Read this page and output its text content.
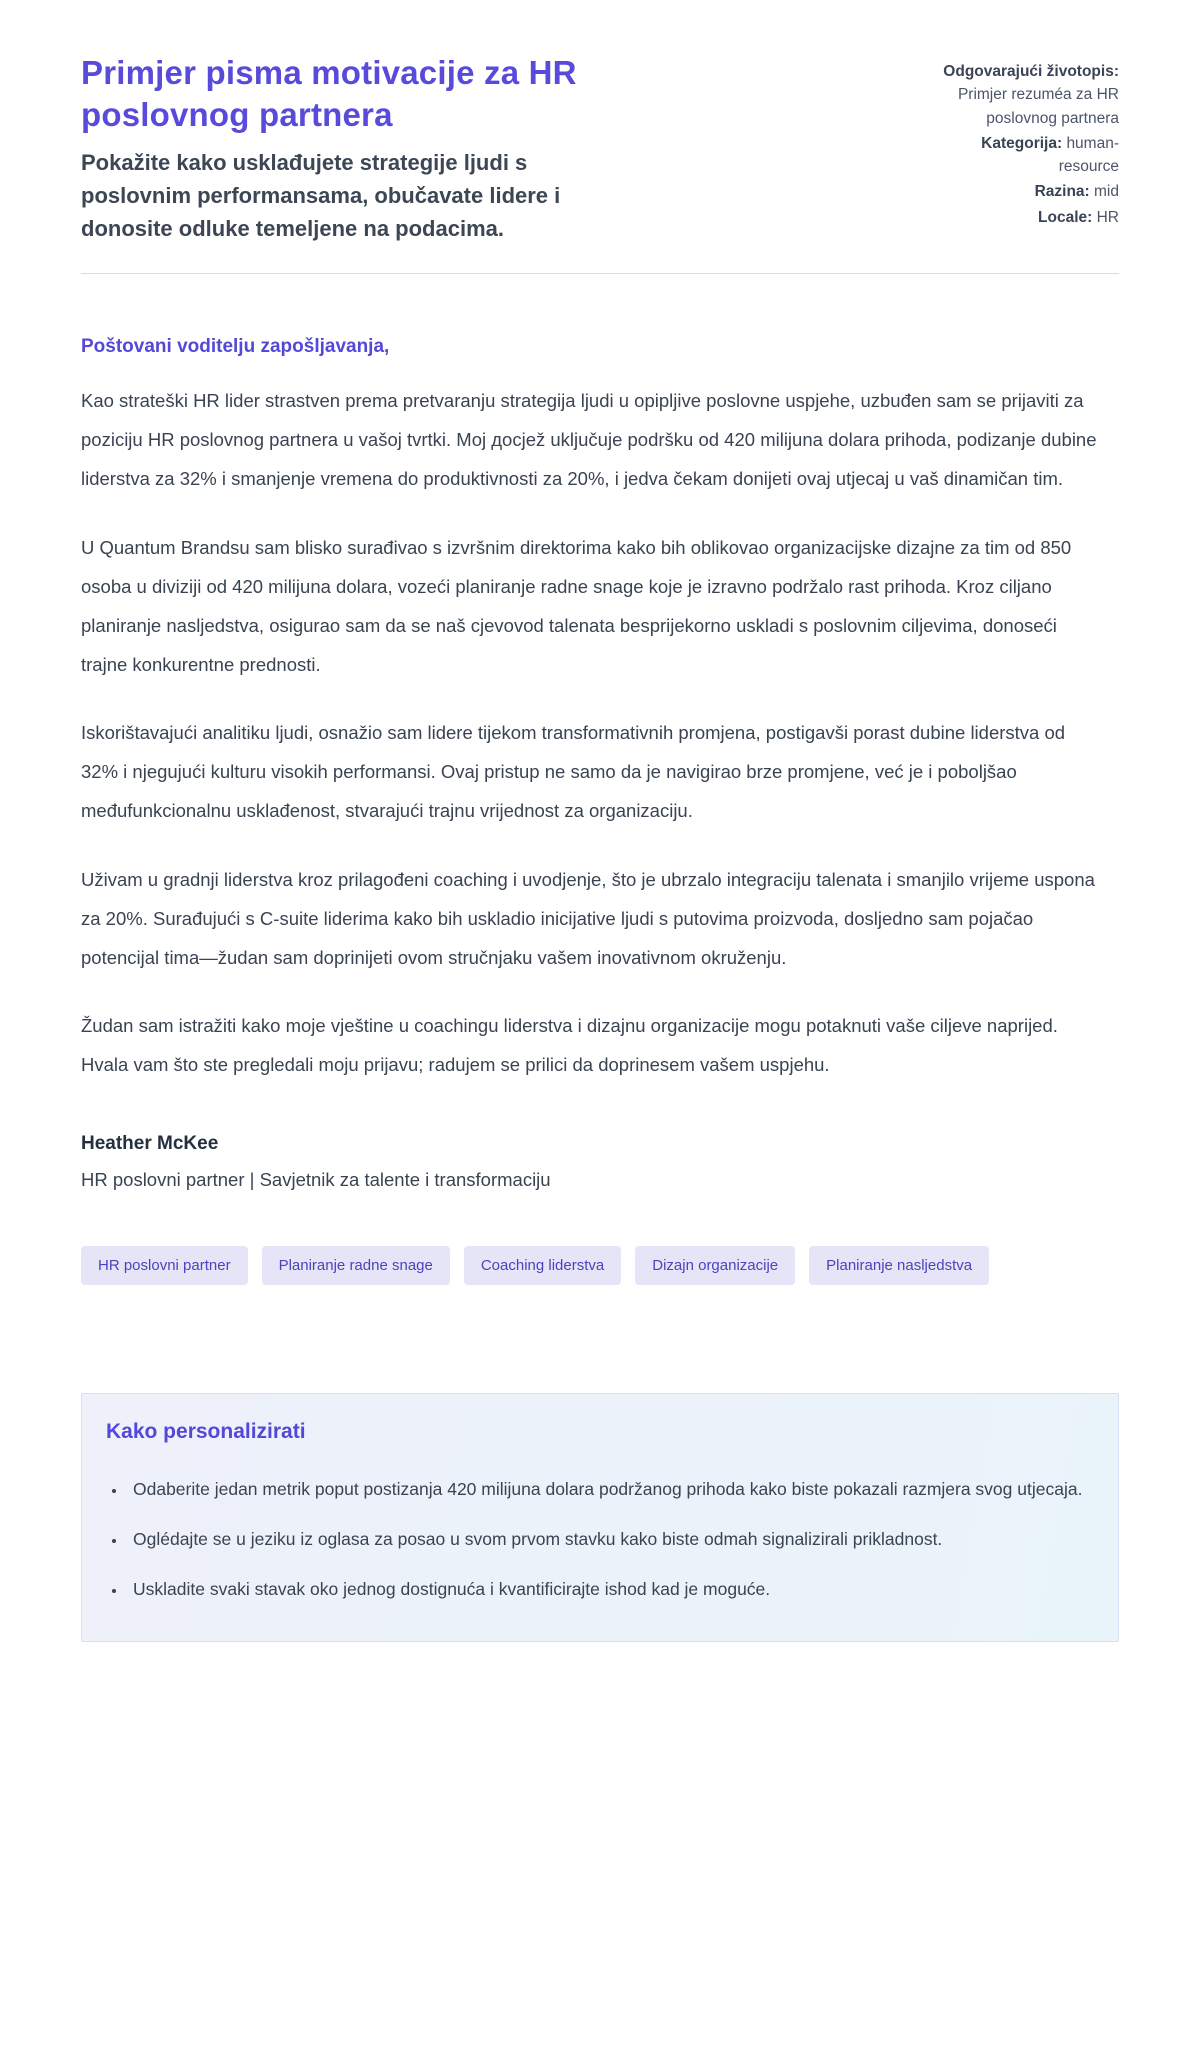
Primjer pisma motivacije za HR poslovnog partnera

Pokažite kako usklađujete strategije ljudi s poslovnim performansama, obučavate lidere i donosite odluke temeljene na podacima.

Odgovarajući životopis: Primjer rezuméa za HR poslovnog partnera
Kategorija: human-resource
Razina: mid
Locale: HR

Poštovani voditelju zapošljavanja,

Kao strateški HR lider strastven prema pretvaranju strategija ljudi u opipljive poslovne uspjehe, uzbuđen sam se prijaviti za poziciju HR poslovnog partnera u vašoj tvrtki. Moj досјеž uključuje podršku od 420 milijuna dolara prihoda, podizanje dubine liderstva za 32% i smanjenje vremena do produktivnosti za 20%, i jedva čekam donijeti ovaj utjecaj u vaš dinamičan tim.

U Quantum Brandsu sam blisko surađivao s izvršnim direktorima kako bih oblikovao organizacijske dizajne za tim od 850 osoba u diviziji od 420 milijuna dolara, vozeći planiranje radne snage koje je izravno podržalo rast prihoda. Kroz ciljano planiranje nasljedstva, osigurao sam da se naš cjevovod talenata besprijekorno uskladi s poslovnim ciljevima, donoseći trajne konkurentne prednosti.

Iskorištavajući analitiku ljudi, osnažio sam lidere tijekom transformativnih promjena, postigavši porast dubine liderstva od 32% i njegujući kulturu visokih performansi. Ovaj pristup ne samo da je navigirao brze promjene, već je i poboljšao međufunkcionalnu usklađenost, stvarajući trajnu vrijednost za organizaciju.

Uživam u gradnji liderstva kroz prilagođeni coaching i uvodjenje, što je ubrzalo integraciju talenata i smanjilo vrijeme uspona za 20%. Surađujući s C-suite liderima kako bih uskladio inicijative ljudi s putovima proizvoda, dosljedno sam pojačao potencijal tima—žudan sam doprinijeti ovom stručnjaku vašem inovativnom okruženju.

Žudan sam istražiti kako moje vještine u coachingu liderstva i dizajnu organizacije mogu potaknuti vaše ciljeve naprijed. Hvala vam što ste pregledali moju prijavu; radujem se prilici da doprinesem vašem uspjehu.

Heather McKee

HR poslovni partner | Savjetnik za talente i transformaciju

HR poslovni partner	Planiranje radne snage	Coaching liderstva	Dizajn organizacije	Planiranje nasljedstva
Kako personalizirati
• Odaberite jedan metrik poput postizanja 420 milijuna dolara podržanog prihoda kako biste pokazali razmjera svog utjecaja.
• Oglédajte se u jeziku iz oglasa za posao u svom prvom stavku kako biste odmah signalizirali prikladnost.
• Uskladite svaki stavak oko jednog dostignuća i kvantificirajte ishod kad je moguće.
